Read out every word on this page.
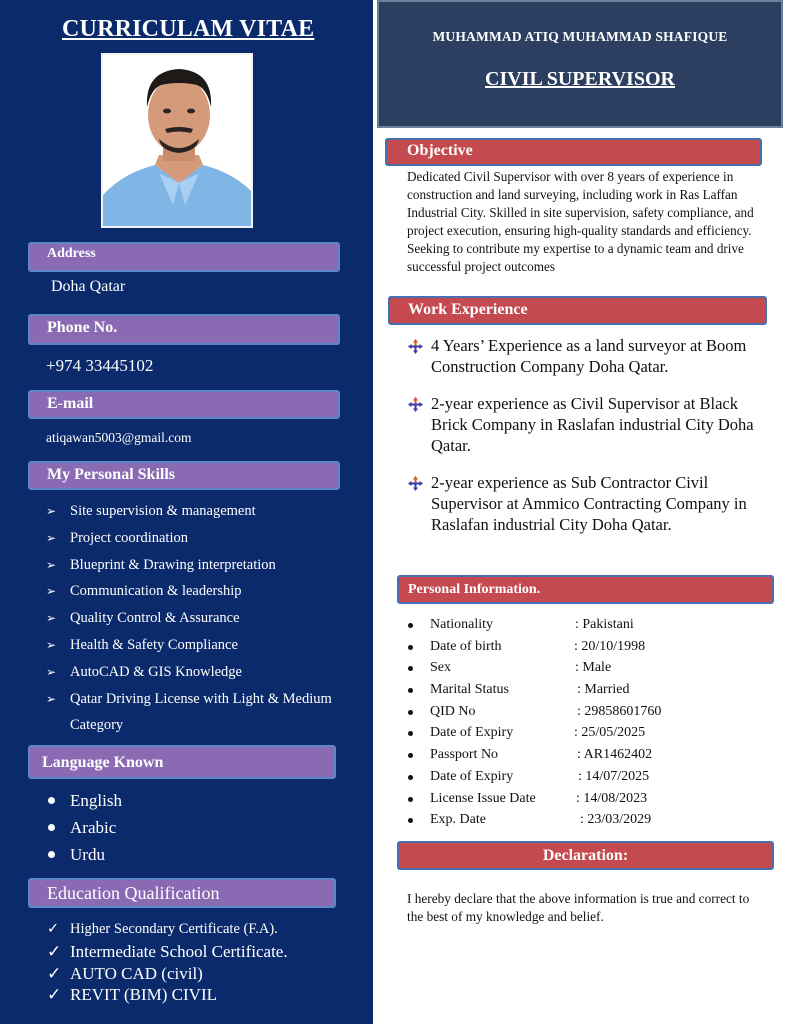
CURRICULAM VITAE
Address
Doha Qatar
Phone No.
+974 33445102
E-mail
atiqawan5003@gmail.com
My Personal Skills
➢ Site supervision & management
➢ Project coordination
➢ Blueprint & Drawing interpretation
➢ Communication & leadership
➢ Quality Control & Assurance
➢ Health & Safety Compliance
➢ AutoCAD & GIS Knowledge
➢ Qatar Driving License with Light & Medium
Category
Language Known
English
Arabic
Urdu
Education Qualification
✓ Higher Secondary Certificate (F.A).
✓ Intermediate School Certificate.
✓ AUTO CAD (civil)
✓ REVIT (BIM) CIVIL
MUHAMMAD ATIQ MUHAMMAD SHAFIQUE
CIVIL SUPERVISOR
Objective
Dedicated Civil Supervisor with over 8 years of experience in construction and land surveying, including work in Ras Laffan Industrial City. Skilled in site supervision, safety compliance, and project execution, ensuring high-quality standards and efficiency. Seeking to contribute my expertise to a dynamic team and drive successful project outcomes
Work Experience
4 Years’ Experience as a land surveyor at Boom Construction Company Doha Qatar.
2-year experience as Civil Supervisor at Black Brick Company in Raslafan industrial City Doha Qatar.
2-year experience as Sub Contractor Civil Supervisor at Ammico Contracting Company in Raslafan industrial City Doha Qatar.
Personal Information.
Nationality	: Pakistani
Date of birth	: 20/10/1998
Sex	: Male
Marital Status	: Married
QID No	: 29858601760
Date of Expiry	: 25/05/2025
Passport No	: AR1462402
Date of Expiry	: 14/07/2025
License Issue Date	: 14/08/2023
Exp. Date	: 23/03/2029
Declaration:
I hereby declare that the above information is true and correct to the best of my knowledge and belief.
